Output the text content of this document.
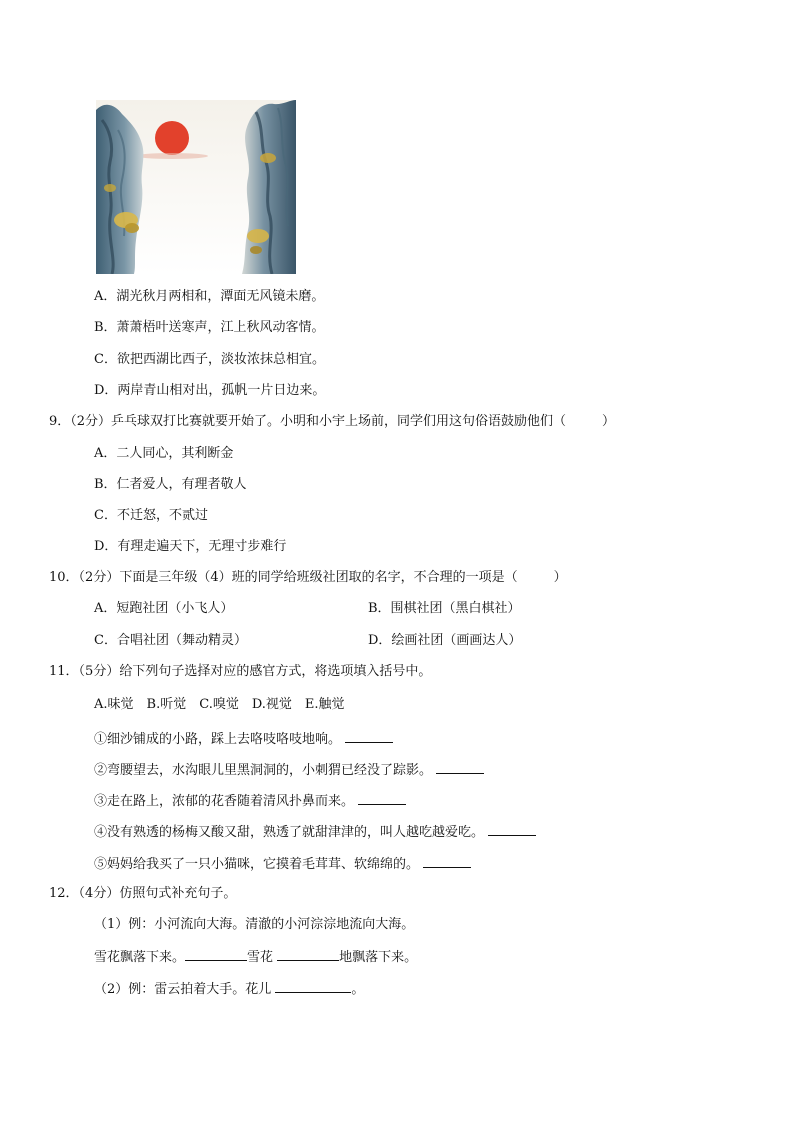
A．湖光秋月两相和，潭面无风镜未磨。
B．萧萧梧叶送寒声，江上秋风动客情。
C．欲把西湖比西子，淡妆浓抹总相宜。
D．两岸青山相对出，孤帆一片日边来。
9．（2分）乒乓球双打比赛就要开始了。小明和小宇上场前，同学们用这句俗语鼓励他们（	）
A．二人同心，其利断金
B．仁者爱人，有理者敬人
C．不迁怒，不贰过
D．有理走遍天下，无理寸步难行
10．（2分）下面是三年级（4）班的同学给班级社团取的名字，不合理的一项是（	）
A．短跑社团（小飞人）	B．围棋社团（黑白棋社）
C．合唱社团（舞动精灵）	D．绘画社团（画画达人）
11．（5分）给下列句子选择对应的感官方式，将选项填入括号中。
A.味觉　B.听觉　C.嗅觉　D.视觉　E.触觉
①细沙铺成的小路，踩上去咯吱咯吱地响。
②弯腰望去，水沟眼儿里黑洞洞的，小刺猬已经没了踪影。
③走在路上，浓郁的花香随着清风扑鼻而来。
④没有熟透的杨梅又酸又甜，熟透了就甜津津的，叫人越吃越爱吃。
⑤妈妈给我买了一只小猫咪，它摸着毛茸茸、软绵绵的。
12．（4分）仿照句式补充句子。
（1）例：小河流向大海。清澈的小河淙淙地流向大海。
雪花飘落下来。	雪花	地飘落下来。
（2）例：雷云拍着大手。花儿	。
